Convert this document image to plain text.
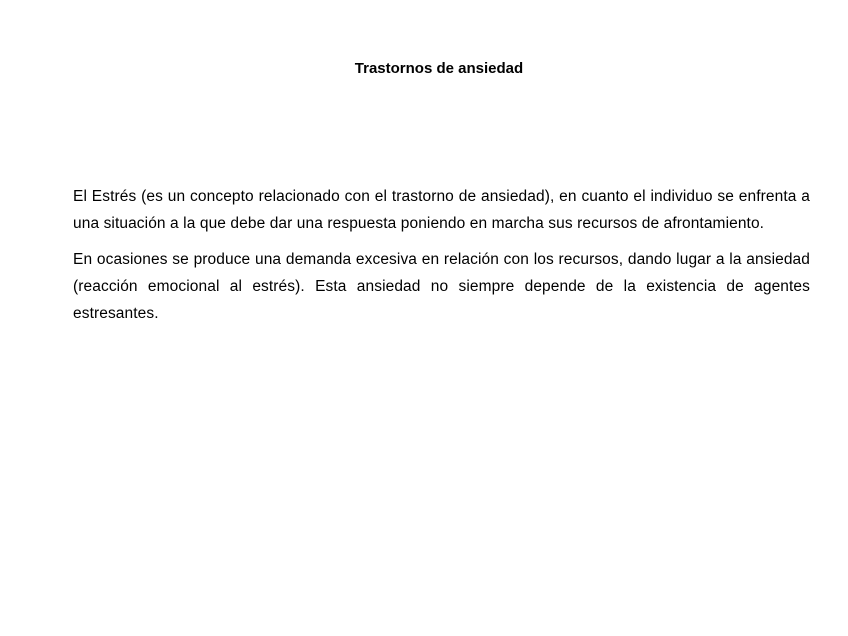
Trastornos de ansiedad

El Estrés (es un concepto relacionado con el trastorno de ansiedad), en cuanto el individuo se enfrenta a una situación a la que debe dar una respuesta poniendo en marcha sus recursos de afrontamiento.

En ocasiones se produce una demanda excesiva en relación con los recursos, dando lugar a la ansiedad (reacción emocional al estrés). Esta ansiedad no siempre depende de la existencia de agentes estresantes.
